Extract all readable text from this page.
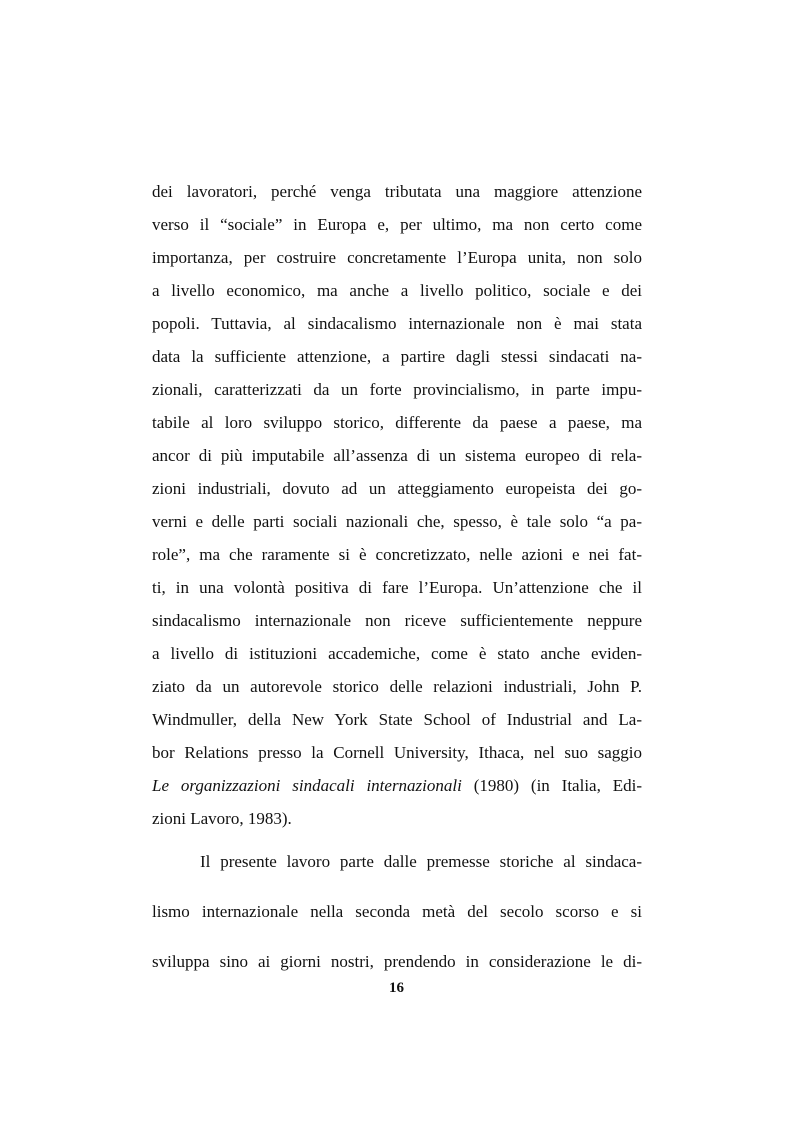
dei lavoratori, perché venga tributata una maggiore attenzione
verso il “sociale” in Europa e, per ultimo, ma non certo come
importanza, per costruire concretamente l’Europa unita, non solo
a livello economico, ma anche a livello politico, sociale e dei
popoli. Tuttavia, al sindacalismo internazionale non è mai stata
data la sufficiente attenzione, a partire dagli stessi sindacati na-
zionali, caratterizzati da un forte provincialismo, in parte impu-
tabile al loro sviluppo storico, differente da paese a paese, ma
ancor di più imputabile all’assenza di un sistema europeo di rela-
zioni industriali, dovuto ad un atteggiamento europeista dei go-
verni e delle parti sociali nazionali che, spesso, è tale solo “a pa-
role”, ma che raramente si è concretizzato, nelle azioni e nei fat-
ti, in una volontà positiva di fare l’Europa. Un’attenzione che il
sindacalismo internazionale non riceve sufficientemente neppure
a livello di istituzioni accademiche, come è stato anche eviden-
ziato da un autorevole storico delle relazioni industriali, John P.
Windmuller, della New York State School of Industrial and La-
bor Relations presso la Cornell University, Ithaca, nel suo saggio
Le organizzazioni sindacali internazionali (1980) (in Italia, Edi-
zioni Lavoro, 1983).
Il presente lavoro parte dalle premesse storiche al sindaca-
lismo internazionale nella seconda metà del secolo scorso e si
sviluppa sino ai giorni nostri, prendendo in considerazione le di-
16
